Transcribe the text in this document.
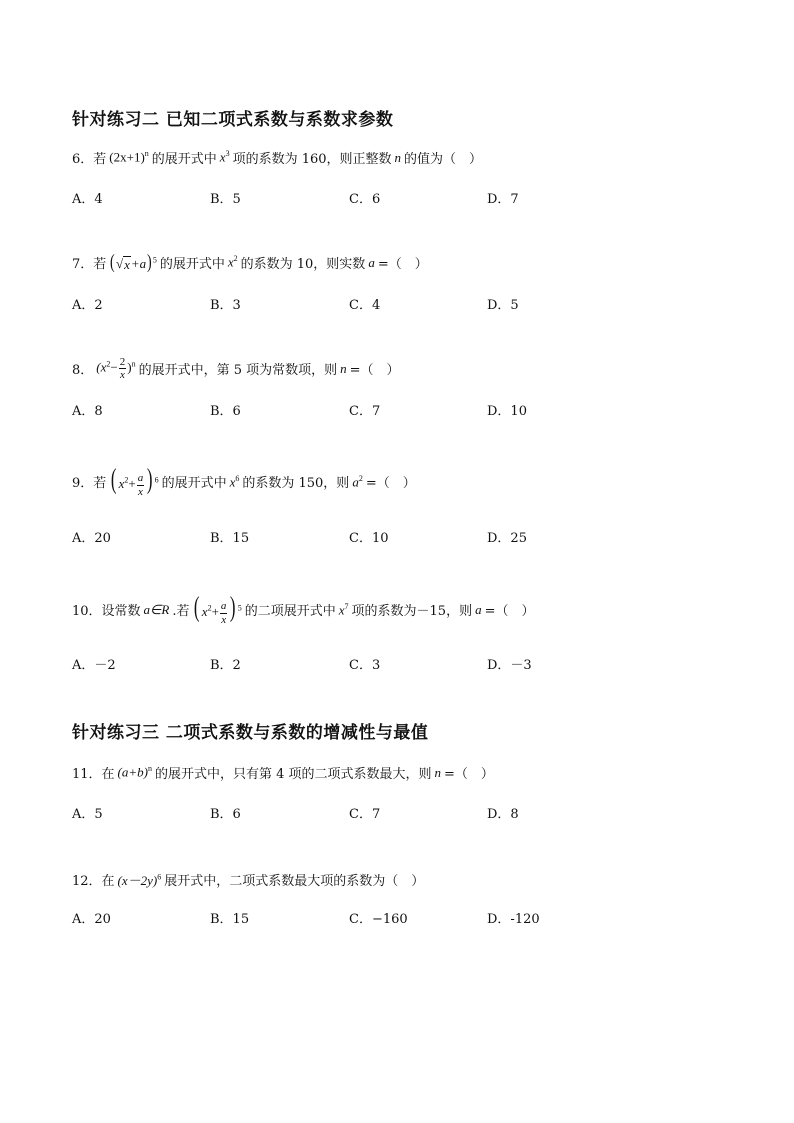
针对练习二 已知二项式系数与系数求参数
6．若 $(2x+1)^n$ 的展开式中 $x^3$ 项的系数为 160，则正整数 n 的值为（　）
A．4	B．5	C．6	D．7
7．若 ( √ x +a)$^5$ 的展开式中 $x^2$ 的系数为 10，则实数 a =（　）
A．2	B．3	C．4	D．5
8． $(x^2- \frac{2}{x} )^n$ 的展开式中，第 5 项为常数项，则 n =（　）
A．8	B．6	C．7	D．10
9．若 ( $x^2+ \frac{a}{x}$ ) $^6$ 的展开式中 $x^6$ 的系数为 150，则 $a^2$ =（　）
A．20	B．15	C．10	D．25
10．设常数 a∈R .若 ( $x^2+ \frac{a}{x}$ ) $^5$ 的二项展开式中 $x^7$ 项的系数为－15，则 a =（　）
A．－2	B．2	C．3	D．－3
针对练习三 二项式系数与系数的增减性与最值
11．在 $(a+b)^n$ 的展开式中，只有第 4 项的二项式系数最大，则 n =（　）
A．5	B．6	C．7	D．8
12．在 $(x-2y)^6$ 展开式中，二项式系数最大项的系数为（　）
A．20	B．15	C．−160	D．-120
